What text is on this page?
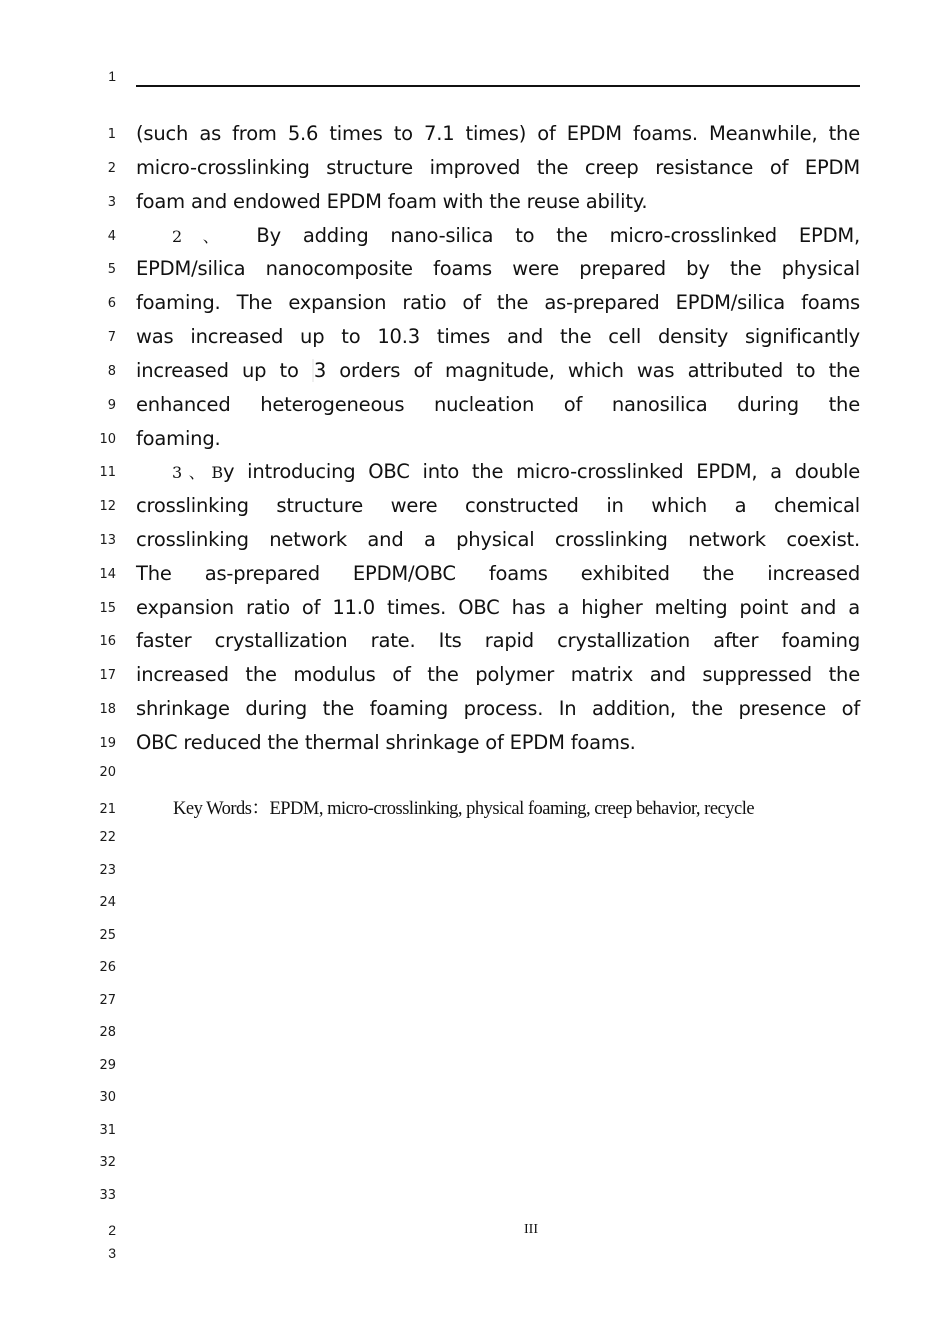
1
1 (such as from 5.6 times to 7.1 times) of EPDM foams. Meanwhile, the
2 micro-crosslinking structure improved the creep resistance of EPDM
3 foam and endowed EPDM foam with the reuse ability.
4	2 、 By adding nano-silica to the micro-crosslinked EPDM,
5 EPDM/silica nanocomposite foams were prepared by the physical
6 foaming. The expansion ratio of the as-prepared EPDM/silica foams
7 was increased up to 10.3 times and the cell density significantly
8 increased up to 3 orders of magnitude, which was attributed to the
9 enhanced heterogeneous nucleation of nanosilica during the
10 foaming.
11	3、By introducing OBC into the micro-crosslinked EPDM, a double
12 crosslinking structure were constructed in which a chemical
13 crosslinking network and a physical crosslinking network coexist.
14 The as-prepared EPDM/OBC foams exhibited the increased
15 expansion ratio of 11.0 times. OBC has a higher melting point and a
16 faster crystallization rate. Its rapid crystallization after foaming
17 increased the modulus of the polymer matrix and suppressed the
18 shrinkage during the foaming process. In addition, the presence of
19 OBC reduced the thermal shrinkage of EPDM foams.
20
21	Key Words：EPDM, micro-crosslinking, physical foaming, creep behavior, recycle
22
23
24
25
26
27
28
29
30
31
32
33
2
3
III
